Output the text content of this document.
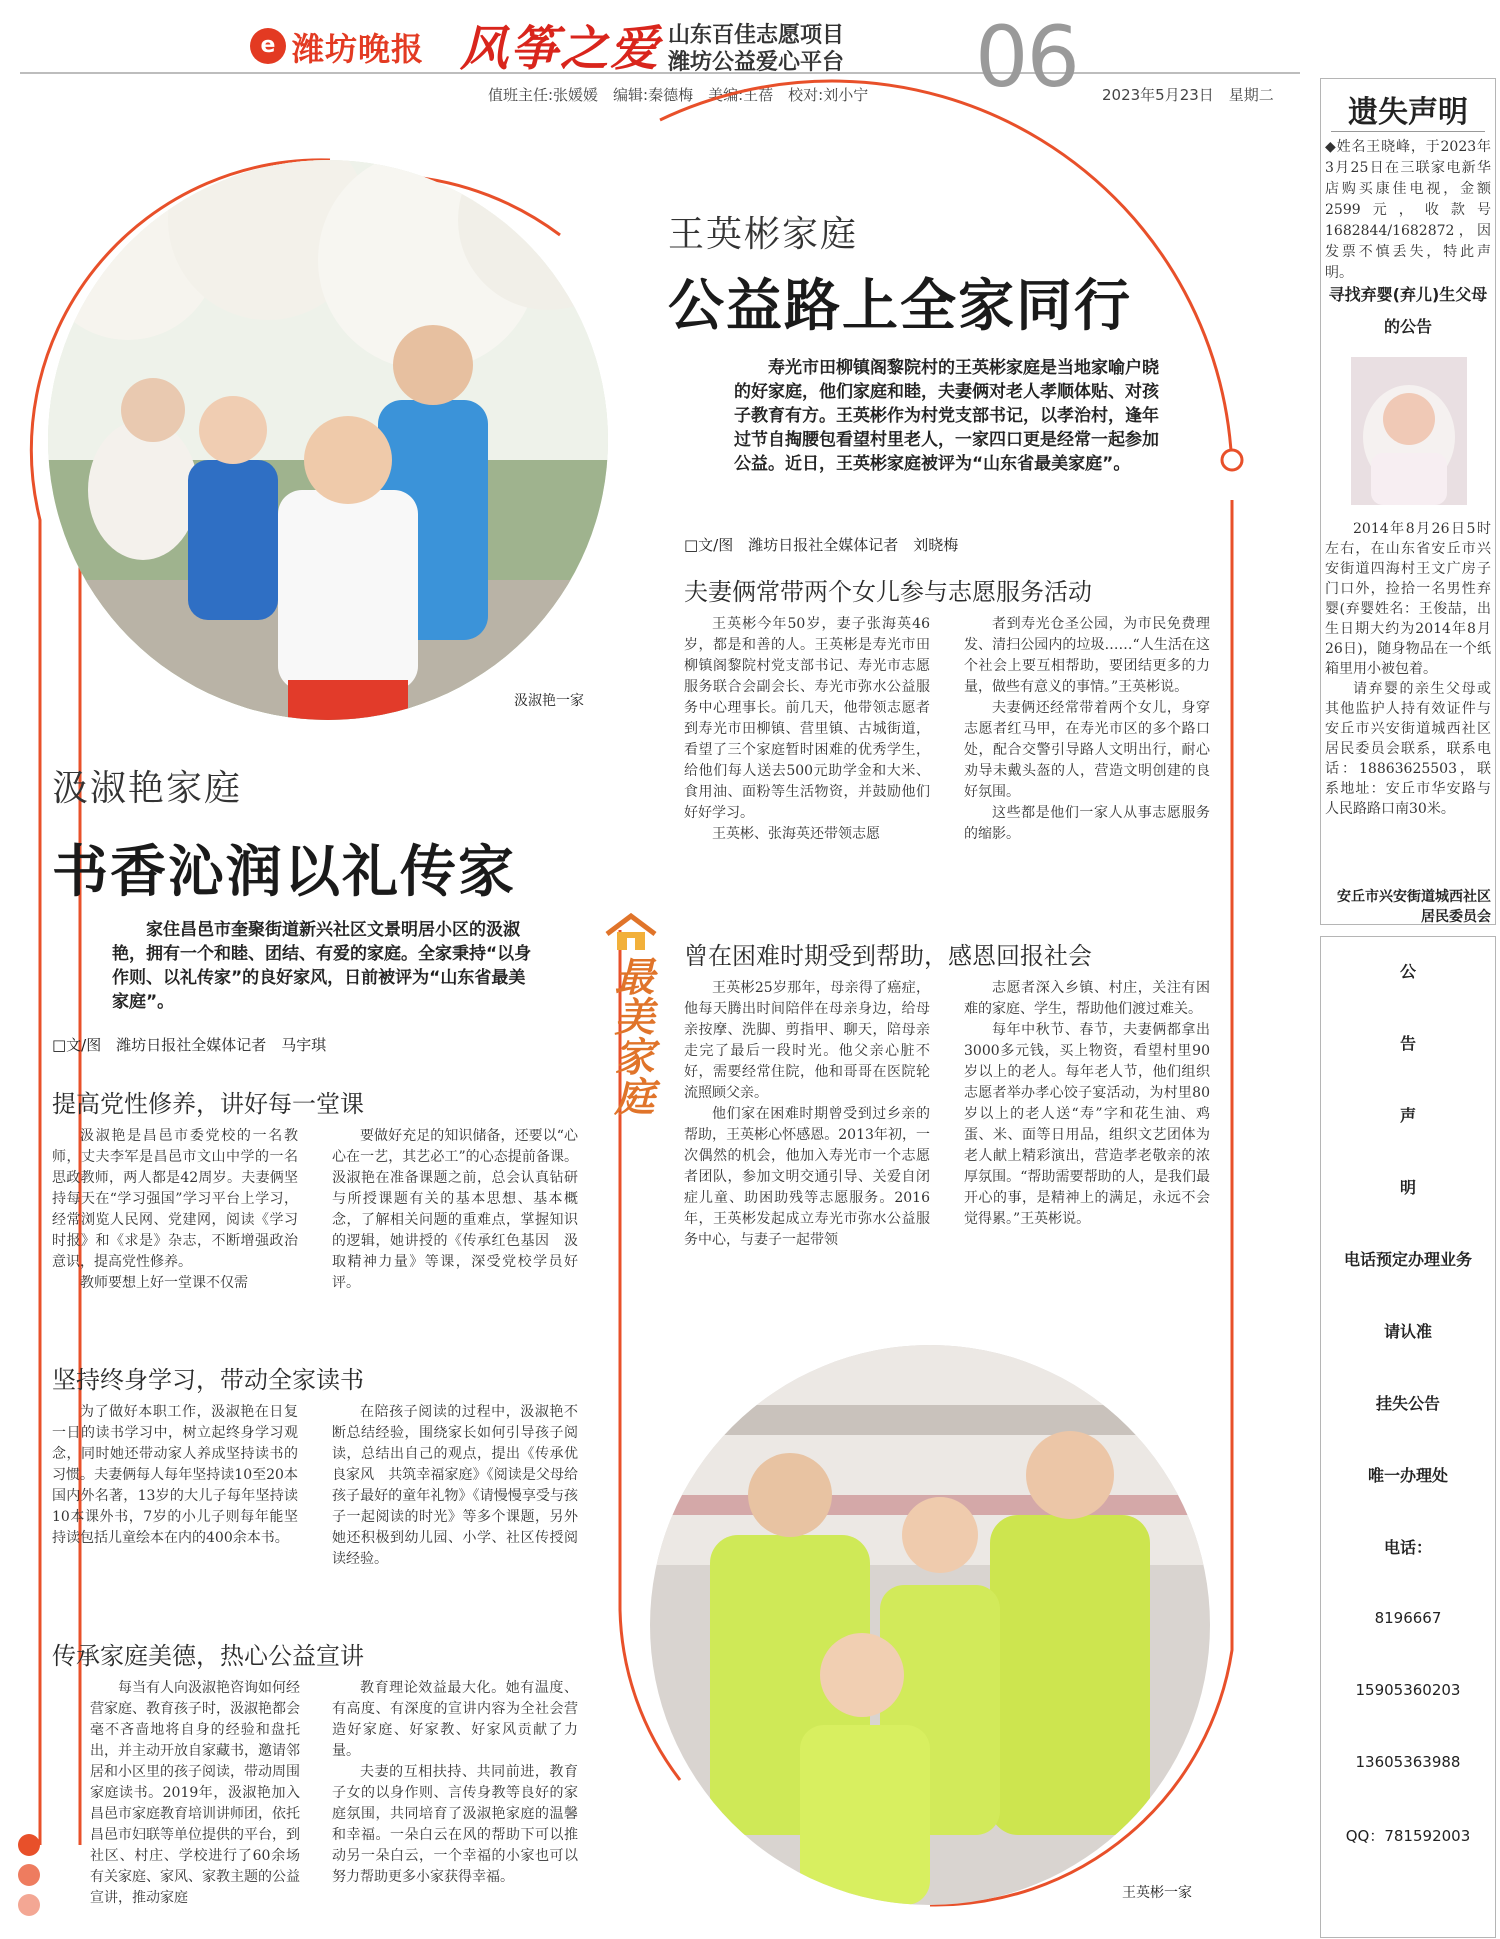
e 潍坊晚报 风筝之爱 山东百佳志愿项目
潍坊公益爱心平台 06
值班主任:张媛媛　编辑:秦德梅　美编:王蓓　校对:刘小宁	2023年5月23日　星期二
汲淑艳一家
王英彬家庭
公益路上全家同行

寿光市田柳镇阁黎院村的王英彬家庭是当地家喻户晓的好家庭，他们家庭和睦，夫妻俩对老人孝顺体贴、对孩子教育有方。王英彬作为村党支部书记，以孝治村，逢年过节自掏腰包看望村里老人，一家四口更是经常一起参加公益。近日，王英彬家庭被评为“山东省最美家庭”。

□文/图　潍坊日报社全媒体记者　刘晓梅
夫妻俩常带两个女儿参与志愿服务活动

王英彬今年50岁，妻子张海英46岁，都是和善的人。王英彬是寿光市田柳镇阁黎院村党支部书记、寿光市志愿服务联合会副会长、寿光市弥水公益服务中心理事长。前几天，他带领志愿者到寿光市田柳镇、营里镇、古城街道，看望了三个家庭暂时困难的优秀学生，给他们每人送去500元助学金和大米、食用油、面粉等生活物资，并鼓励他们好好学习。

王英彬、张海英还带领志愿

者到寿光仓圣公园，为市民免费理发、清扫公园内的垃圾……“人生活在这个社会上要互相帮助，要团结更多的力量，做些有意义的事情。”王英彬说。

夫妻俩还经常带着两个女儿，身穿志愿者红马甲，在寿光市区的多个路口处，配合交警引导路人文明出行，耐心劝导未戴头盔的人，营造文明创建的良好氛围。

这些都是他们一家人从事志愿服务的缩影。

曾在困难时期受到帮助，感恩回报社会

王英彬25岁那年，母亲得了癌症，他每天腾出时间陪伴在母亲身边，给母亲按摩、洗脚、剪指甲、聊天，陪母亲走完了最后一段时光。他父亲心脏不好，需要经常住院，他和哥哥在医院轮流照顾父亲。

他们家在困难时期曾受到过乡亲的帮助，王英彬心怀感恩。2013年初，一次偶然的机会，他加入寿光市一个志愿者团队，参加文明交通引导、关爱自闭症儿童、助困助残等志愿服务。2016年，王英彬发起成立寿光市弥水公益服务中心，与妻子一起带领

志愿者深入乡镇、村庄，关注有困难的家庭、学生，帮助他们渡过难关。

每年中秋节、春节，夫妻俩都拿出3000多元钱，买上物资，看望村里90岁以上的老人。每年老人节，他们组织志愿者举办孝心饺子宴活动，为村里80岁以上的老人送“寿”字和花生油、鸡蛋、米、面等日用品，组织文艺团体为老人献上精彩演出，营造孝老敬亲的浓厚氛围。“帮助需要帮助的人，是我们最开心的事，是精神上的满足，永远不会觉得累。”王英彬说。

最美家庭
汲淑艳家庭
书香沁润以礼传家

家住昌邑市奎聚街道新兴社区文景明居小区的汲淑艳，拥有一个和睦、团结、有爱的家庭。全家秉持“以身作则、以礼传家”的良好家风，日前被评为“山东省最美家庭”。

□文/图　潍坊日报社全媒体记者　马宇琪
提高党性修养，讲好每一堂课

汲淑艳是昌邑市委党校的一名教师，丈夫李军是昌邑市文山中学的一名思政教师，两人都是42周岁。夫妻俩坚持每天在“学习强国”学习平台上学习，经常浏览人民网、党建网，阅读《学习时报》和《求是》杂志，不断增强政治意识，提高党性修养。

教师要想上好一堂课不仅需

要做好充足的知识储备，还要以“心心在一艺，其艺必工”的心态提前备课。汲淑艳在准备课题之前，总会认真钻研与所授课题有关的基本思想、基本概念，了解相关问题的重难点，掌握知识的逻辑，她讲授的《传承红色基因　汲取精神力量》等课，深受党校学员好评。

坚持终身学习，带动全家读书

为了做好本职工作，汲淑艳在日复一日的读书学习中，树立起终身学习观念，同时她还带动家人养成坚持读书的习惯。夫妻俩每人每年坚持读10至20本国内外名著，13岁的大儿子每年坚持读10本课外书，7岁的小儿子则每年能坚持读包括儿童绘本在内的400余本书。

在陪孩子阅读的过程中，汲淑艳不断总结经验，围绕家长如何引导孩子阅读，总结出自己的观点，提出《传承优良家风　共筑幸福家庭》《阅读是父母给孩子最好的童年礼物》《请慢慢享受与孩子一起阅读的时光》等多个课题，另外她还积极到幼儿园、小学、社区传授阅读经验。

传承家庭美德，热心公益宣讲

每当有人向汲淑艳咨询如何经营家庭、教育孩子时，汲淑艳都会毫不吝啬地将自身的经验和盘托出，并主动开放自家藏书，邀请邻居和小区里的孩子阅读，带动周围家庭读书。2019年，汲淑艳加入昌邑市家庭教育培训讲师团，依托昌邑市妇联等单位提供的平台，到社区、村庄、学校进行了60余场有关家庭、家风、家教主题的公益宣讲，推动家庭

教育理论效益最大化。她有温度、有高度、有深度的宣讲内容为全社会营造好家庭、好家教、好家风贡献了力量。

夫妻的互相扶持、共同前进，教育子女的以身作则、言传身教等良好的家庭氛围，共同培育了汲淑艳家庭的温馨和幸福。一朵白云在风的帮助下可以推动另一朵白云，一个幸福的小家也可以努力帮助更多小家获得幸福。

王英彬一家
遗失声明
◆姓名王晓峰，于2023年3月25日在三联家电新华店购买康佳电视，金额2599元，收款号1682844/1682872，因发票不慎丢失，特此声明。
寻找弃婴(弃儿)生父母的公告

2014年8月26日5时左右，在山东省安丘市兴安街道四海村王文广房子门口外，捡拾一名男性弃婴(弃婴姓名：王俊喆，出生日期大约为2014年8月26日)，随身物品在一个纸箱里用小被包着。

请弃婴的亲生父母或其他监护人持有效证件与安丘市兴安街道城西社区居民委员会联系，联系电话：18863625503，联系地址：安丘市华安路与人民路路口南30米。

安丘市兴安街道城西社区居民委员会
公
告
声
明
电话预定办理业务
请认准
挂失公告
唯一办理处
电话：
8196667
15905360203
13605363988
QQ：781592003
